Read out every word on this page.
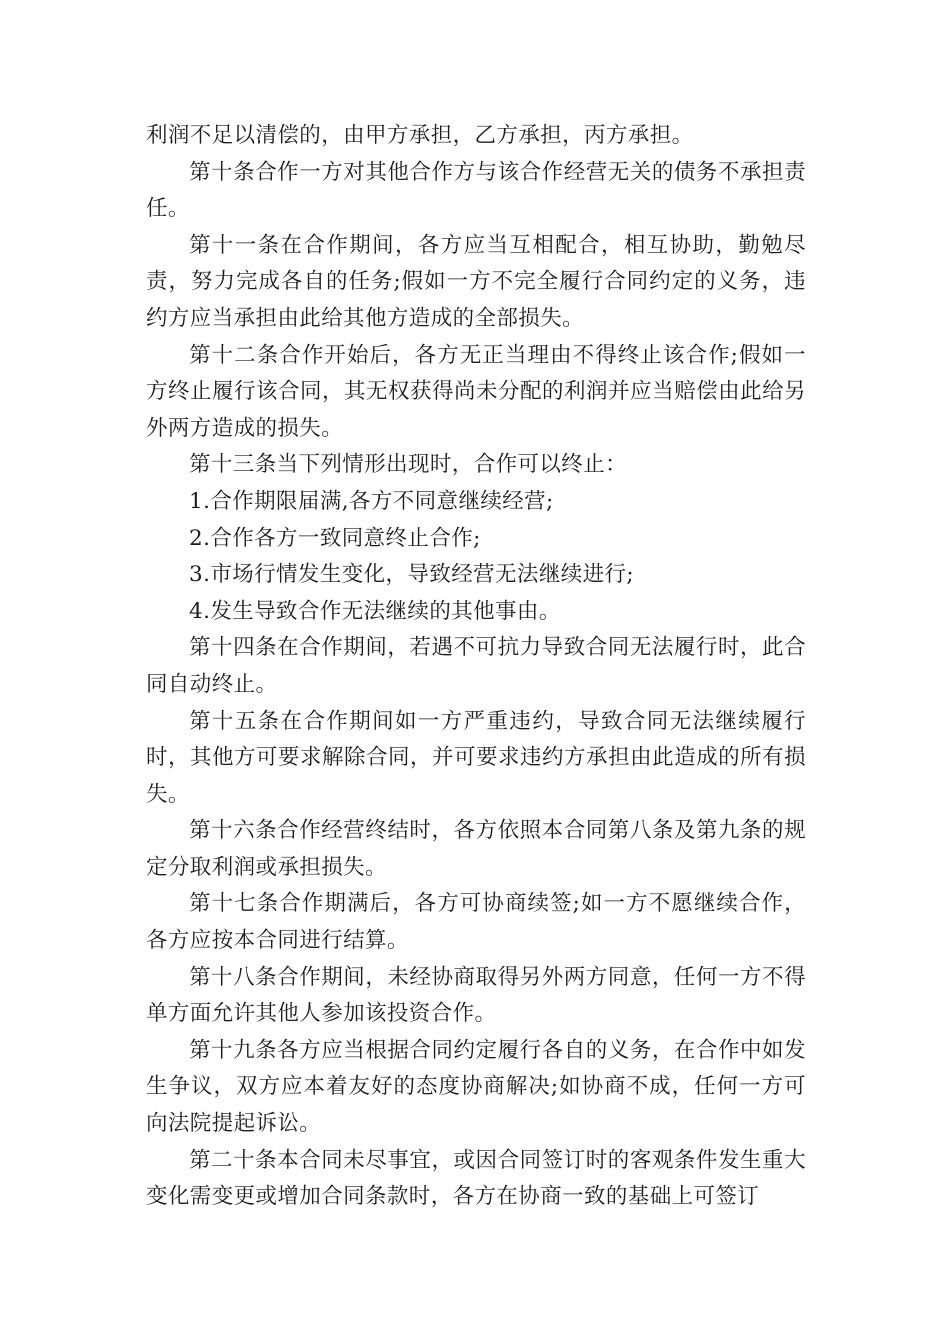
利润不足以清偿的，由甲方承担，乙方承担，丙方承担。

第十条合作一方对其他合作方与该合作经营无关的债务不承担责任。

第十一条在合作期间，各方应当互相配合，相互协助，勤勉尽责，努力完成各自的任务;假如一方不完全履行合同约定的义务，违约方应当承担由此给其他方造成的全部损失。

第十二条合作开始后，各方无正当理由不得终止该合作;假如一方终止履行该合同，其无权获得尚未分配的利润并应当赔偿由此给另外两方造成的损失。

第十三条当下列情形出现时，合作可以终止：

1.合作期限届满,各方不同意继续经营;

2.合作各方一致同意终止合作;

3.市场行情发生变化，导致经营无法继续进行;

4.发生导致合作无法继续的其他事由。

第十四条在合作期间，若遇不可抗力导致合同无法履行时，此合同自动终止。

第十五条在合作期间如一方严重违约，导致合同无法继续履行时，其他方可要求解除合同，并可要求违约方承担由此造成的所有损失。

第十六条合作经营终结时，各方依照本合同第八条及第九条的规定分取利润或承担损失。

第十七条合作期满后，各方可协商续签;如一方不愿继续合作，各方应按本合同进行结算。

第十八条合作期间，未经协商取得另外两方同意，任何一方不得单方面允许其他人参加该投资合作。

第十九条各方应当根据合同约定履行各自的义务，在合作中如发生争议，双方应本着友好的态度协商解决;如协商不成，任何一方可向法院提起诉讼。

第二十条本合同未尽事宜，或因合同签订时的客观条件发生重大变化需变更或增加合同条款时，各方在协商一致的基础上可签订
